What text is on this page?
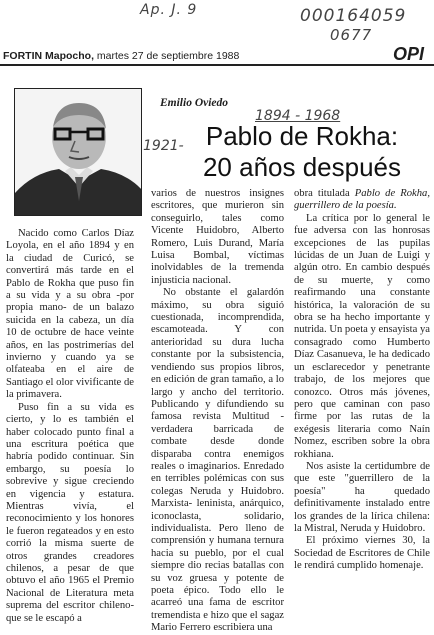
Ap. J. 9	000164059
0677
FORTIN Mapocho, martes 27 de septiembre 1988	OPI
Emilio Oviedo
1894 - 1968
1921- Pablo de Rokha:
20 años después

Nacido como Carlos Díaz Loyola, en el año 1894 y en la ciudad de Curicó, se convertirá más tarde en el Pablo de Rokha que puso fin a su vida y a su obra -por propia mano- de un balazo suicida en la cabeza, un día 10 de octubre de hace veinte años, en las postrimerías del invierno y cuando ya se olfateaba en el aire de Santiago el olor vivificante de la primavera.

Puso fin a su vida es cierto, y lo es también el haber colocado punto final a una escritura poética que habría podido continuar. Sin embargo, su poesía lo sobrevive y sigue creciendo en vigencia y estatura. Mientras vivía, el reconocimiento y los honores le fueron regateados y en esto corrió la misma suerte de otros grandes creadores chilenos, a pesar de que obtuvo el año 1965 el Premio Nacional de Literatura meta suprema del escritor chileno- que se le escapó a

varios de nuestros insignes escritores, que murieron sin conseguirlo, tales como Vicente Huidobro, Alberto Romero, Luis Durand, María Luisa Bombal, víctimas inolvidables de la tremenda injusticia nacional.

No obstante el galardón máximo, su obra siguió cuestionada, incomprendida, escamoteada. Y con anterioridad su dura lucha constante por la subsistencia, vendiendo sus propios libros, en edición de gran tamaño, a lo largo y ancho del territorio. Publicando y difundiendo su famosa revista Multitud -verdadera barricada de combate desde donde disparaba contra enemigos reales o imaginarios. Enredado en terribles polémicas con sus colegas Neruda y Huidobro. Marxista- leninista, anárquico, iconoclasta, solidario, individualista. Pero lleno de comprensión y humana ternura hacia su pueblo, por el cual siempre dio recias batallas con su voz gruesa y potente de poeta épico. Todo ello le acarreó una fama de escritor tremendista e hizo que el sagaz Mario Ferrero escribiera una

obra titulada Pablo de Rokha, guerrillero de la poesía.

La crítica por lo general le fue adversa con las honrosas excepciones de las pupilas lúcidas de un Juan de Luigi y algún otro. En cambio después de su muerte, y como reafirmando una constante histórica, la valoración de su obra se ha hecho importante y nutrida. Un poeta y ensayista ya consagrado como Humberto Díaz Casanueva, le ha dedicado un esclarecedor y penetrante trabajo, de los mejores que conozco. Otros más jóvenes, pero que caminan con paso firme por las rutas de la exégesis literaria como Naín Nomez, escriben sobre la obra rokhiana.

Nos asiste la certidumbre de que este "guerrillero de la poesía" ha quedado definitivamente instalado entre los grandes de la lírica chilena: la Mistral, Neruda y Huidobro.

El próximo viernes 30, la Sociedad de Escritores de Chile le rendirá cumplido homenaje.
